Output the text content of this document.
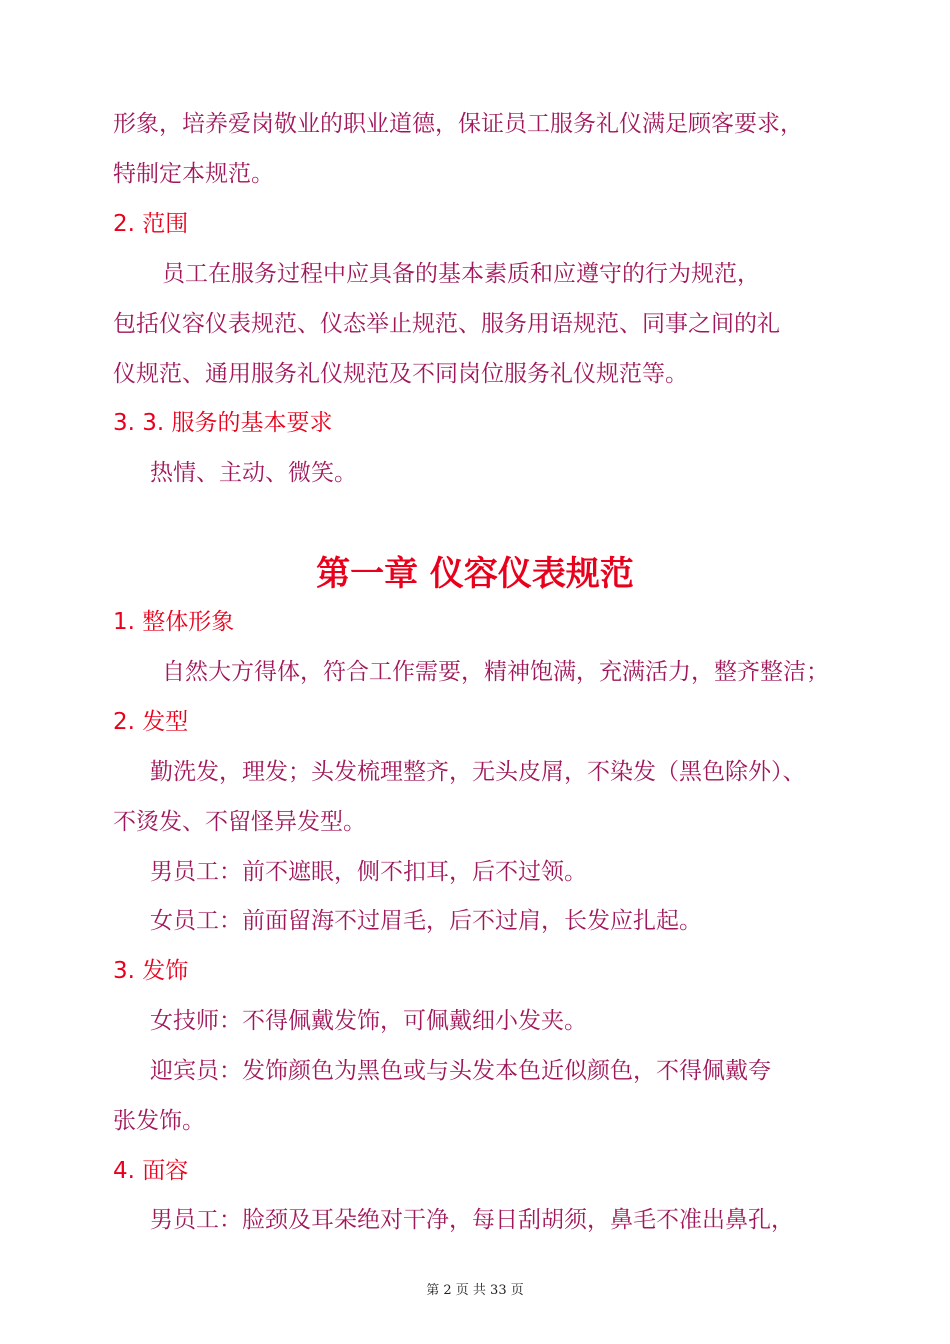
形象，培养爱岗敬业的职业道德，保证员工服务礼仪满足顾客要求，

特制定本规范。

2. 范围

员工在服务过程中应具备的基本素质和应遵守的行为规范，

包括仪容仪表规范、仪态举止规范、服务用语规范、同事之间的礼

仪规范、通用服务礼仪规范及不同岗位服务礼仪规范等。

3. 3. 服务的基本要求

热情、主动、微笑。

第一章 仪容仪表规范

1. 整体形象

自然大方得体，符合工作需要，精神饱满，充满活力，整齐整洁；

2. 发型

勤洗发，理发；头发梳理整齐，无头皮屑，不染发（黑色除外）、

不烫发、不留怪异发型。

男员工：前不遮眼，侧不扣耳，后不过领。

女员工：前面留海不过眉毛，后不过肩，长发应扎起。

3. 发饰

女技师：不得佩戴发饰，可佩戴细小发夹。

迎宾员：发饰颜色为黑色或与头发本色近似颜色，不得佩戴夸

张发饰。

4. 面容

男员工：脸颈及耳朵绝对干净，每日刮胡须，鼻毛不准出鼻孔，

第 2 页 共 33 页
